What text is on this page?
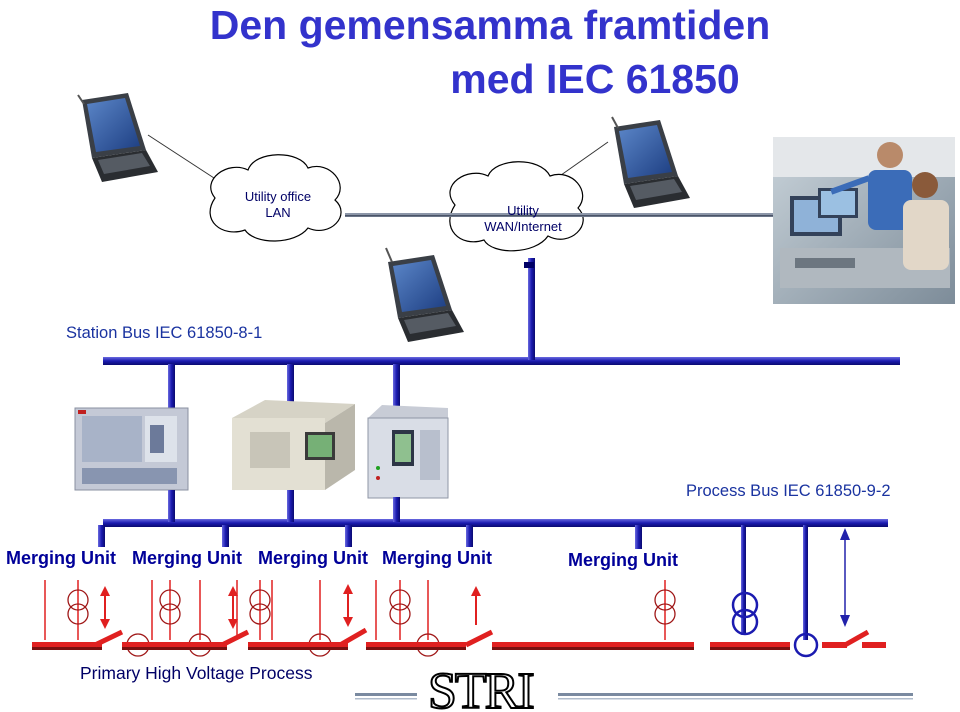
Den gemensamma framtiden
med IEC 61850
Utility office
LAN	Utility
WAN/Internet
Station Bus IEC 61850-8-1
Process Bus IEC 61850-9-2
Merging Unit Merging Unit Merging Unit Merging Unit	Merging Unit
Primary High Voltage Process STRI
